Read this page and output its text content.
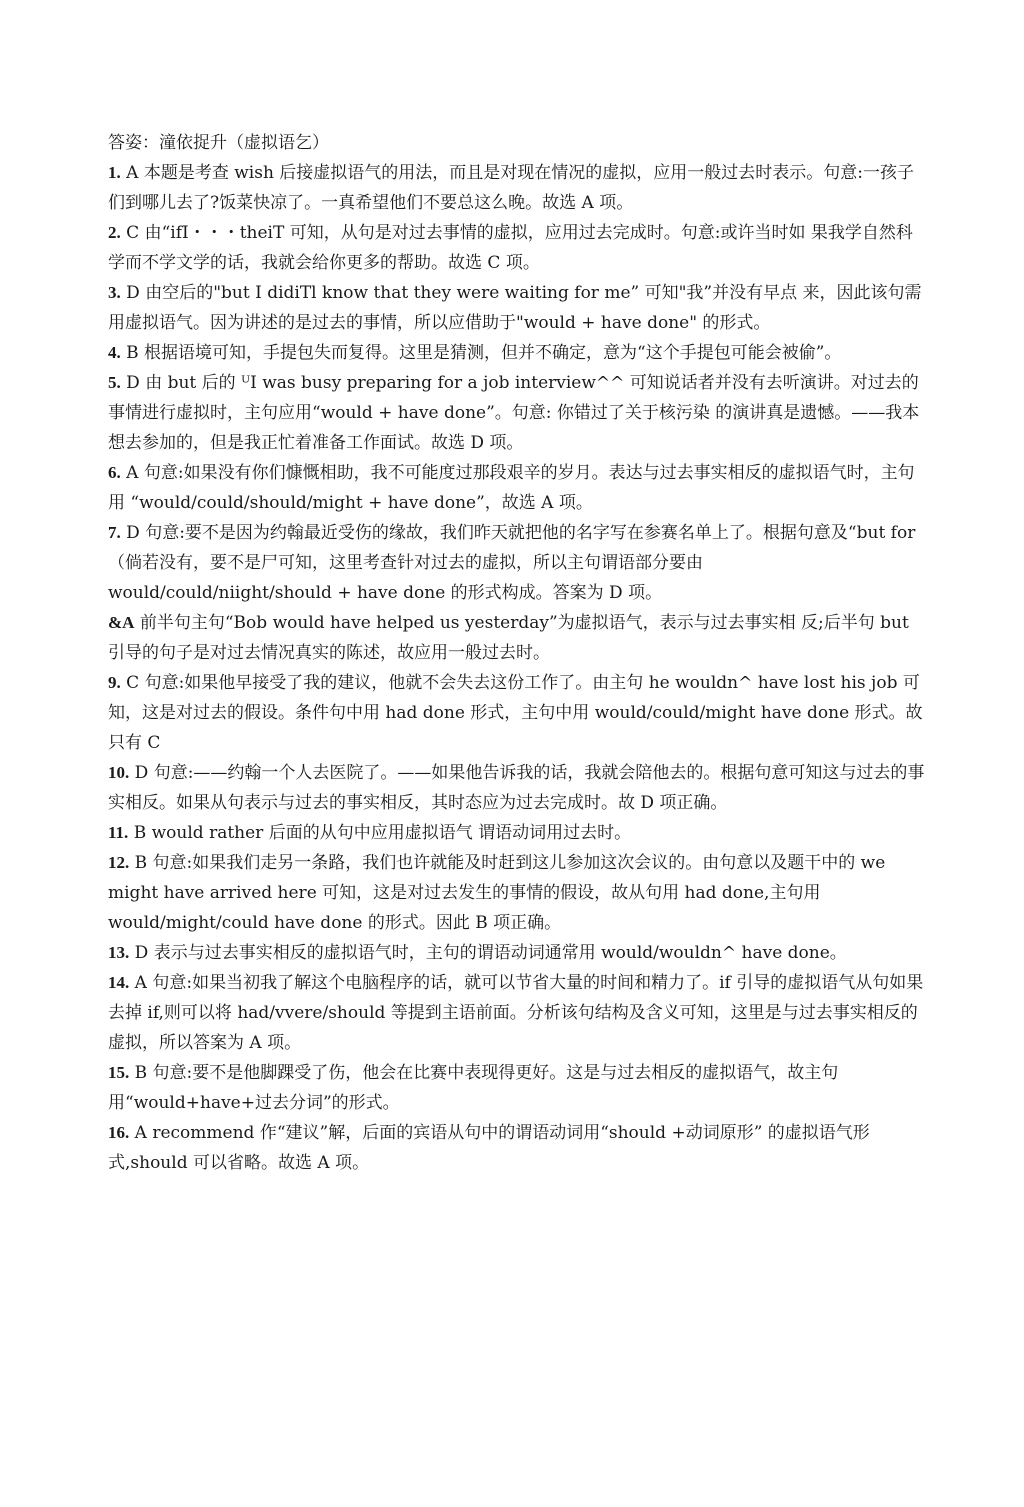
答姿：潼依捉升（虚拟语乞）

1. A 本题是考查 wish 后接虚拟语气的用法，而且是对现在情况的虚拟，应用一般过去时表示。句意:一孩子们到哪儿去了?饭菜快凉了。一真希望他们不要总这么晚。故选 A 项。

2. C 由“ifI・・・theiT 可知，从句是对过去事情的虚拟，应用过去完成时。句意:或许当时如 果我学自然科学而不学文学的话，我就会给你更多的帮助。故选 C 项。

3. D 由空后的"but I didiTl know that they were waiting for me” 可知"我”并没有早点 来，因此该句需用虚拟语气。因为讲述的是过去的事情，所以应借助于"would + have done" 的形式。

4. B 根据语境可知，手提包失而复得。这里是猜测，但并不确定，意为“这个手提包可能会被偷”。

5. D 由 but 后的 ᵁI was busy preparing for a job interview^^ 可知说话者并没有去听演讲。对过去的事情进行虚拟时，主句应用“would + have done”。句意: 你错过了关于核污染 的演讲真是遗憾。——我本想去参加的，但是我正忙着准备工作面试。故选 D 项。

6. A 句意:如果没有你们慷慨相助，我不可能度过那段艰辛的岁月。表达与过去事实相反的虚拟语气时，主句用 “would/could/should/might + have done”，故选 A 项。

7. D 句意:要不是因为约翰最近受伤的缘故，我们昨天就把他的名字写在参赛名单上了。根据句意及“but for （倘若没有，要不是尸可知，这里考查针对过去的虚拟，所以主句谓语部分要由 would/could/niight/should + have done 的形式构成。答案为 D 项。

&A 前半句主句“Bob would have helped us yesterday”为虚拟语气，表示与过去事实相 反;后半句 but 引导的句子是对过去情况真实的陈述，故应用一般过去时。

9. C 句意:如果他早接受了我的建议，他就不会失去这份工作了。由主句 he wouldn^ have lost his job 可知，这是对过去的假设。条件句中用 had done 形式，主句中用 would/could/might have done 形式。故只有 C

10. D 句意:——约翰一个人去医院了。——如果他告诉我的话，我就会陪他去的。根据句意可知这与过去的事实相反。如果从句表示与过去的事实相反，其时态应为过去完成时。故 D 项正确。

11. B would rather 后面的从句中应用虚拟语气 谓语动词用过去时。

12. B 句意:如果我们走另一条路，我们也许就能及时赶到这儿参加这次会议的。由句意以及题干中的 we might have arrived here 可知，这是对过去发生的事情的假设，故从句用 had done,主句用 would/might/could have done 的形式。因此 B 项正确。

13. D 表示与过去事实相反的虚拟语气时，主句的谓语动词通常用 would/wouldn^ have done。

14. A 句意:如果当初我了解这个电脑程序的话，就可以节省大量的时间和精力了。if 引导的虚拟语气从句如果去掉 if,则可以将 had/vvere/should 等提到主语前面。分析该句结构及含义可知，这里是与过去事实相反的虚拟，所以答案为 A 项。

15. B 句意:要不是他脚踝受了伤，他会在比赛中表现得更好。这是与过去相反的虚拟语气，故主句用“would+have+过去分词”的形式。

16. A recommend 作“建议”解，后面的宾语从句中的谓语动词用“should +动词原形” 的虚拟语气形式,should 可以省略。故选 A 项。
